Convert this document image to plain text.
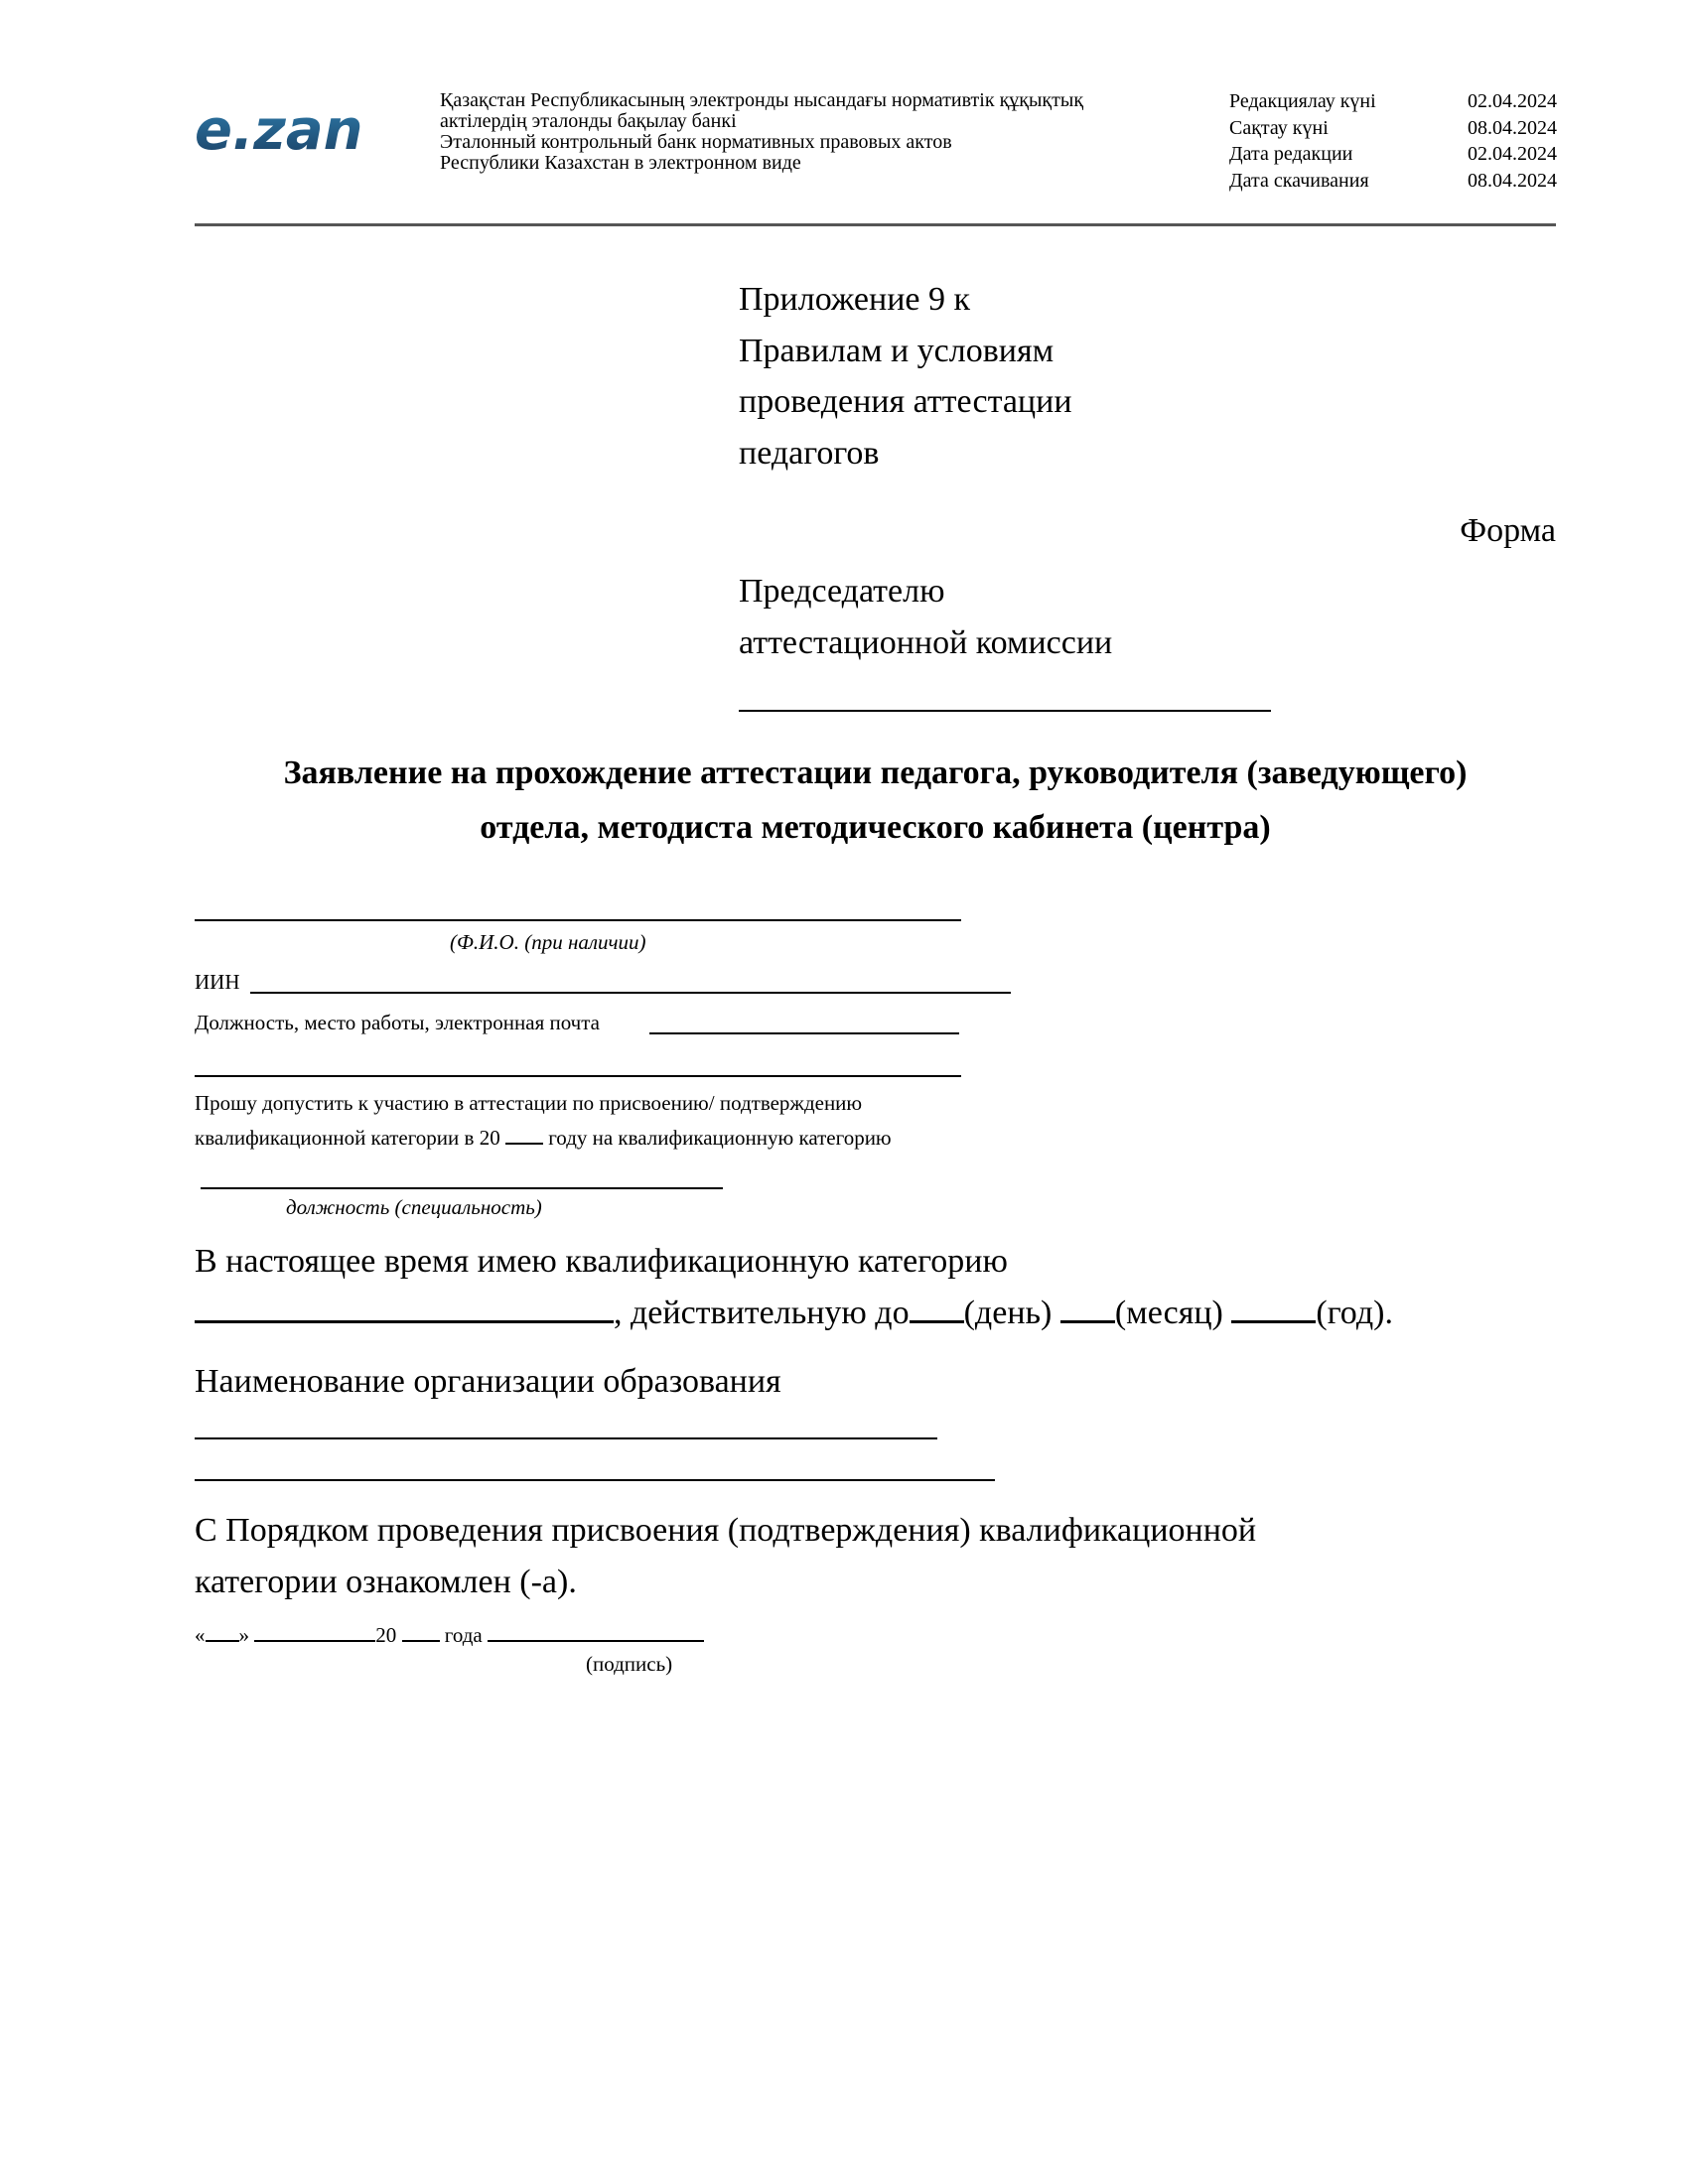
e.zan	Қазақстан Республикасының электронды нысандағы нормативтік құқықтық
актілердің эталонды бақылау банкі
Эталонный контрольный банк нормативных правовых актов
Республики Казахстан в электронном виде
Редакциялау күні	02.04.2024
Сақтау күні	08.04.2024
Дата редакции	02.04.2024
Дата скачивания	08.04.2024
Приложение 9 к
Правилам и условиям
проведения аттестации
педагогов
Форма
Председателю
аттестационной комиссии
Заявление на прохождение аттестации педагога, руководителя (заведующего)
отдела, методиста методического кабинета (центра)
(Ф.И.О. (при наличии)
ИИН
Должность, место работы, электронная почта
Прошу допустить к участию в аттестации по присвоению/ подтверждению
квалификационной категории в 20 году на квалификационную категорию
должность (специальность)
В настоящее время имею квалификационную категорию
, действительную до (день) (месяц)	(год).
Наименование организации образования
С Порядком проведения присвоения (подтверждения) квалификационной
категории ознакомлен (-а).
« »	20 года
(подпись)
